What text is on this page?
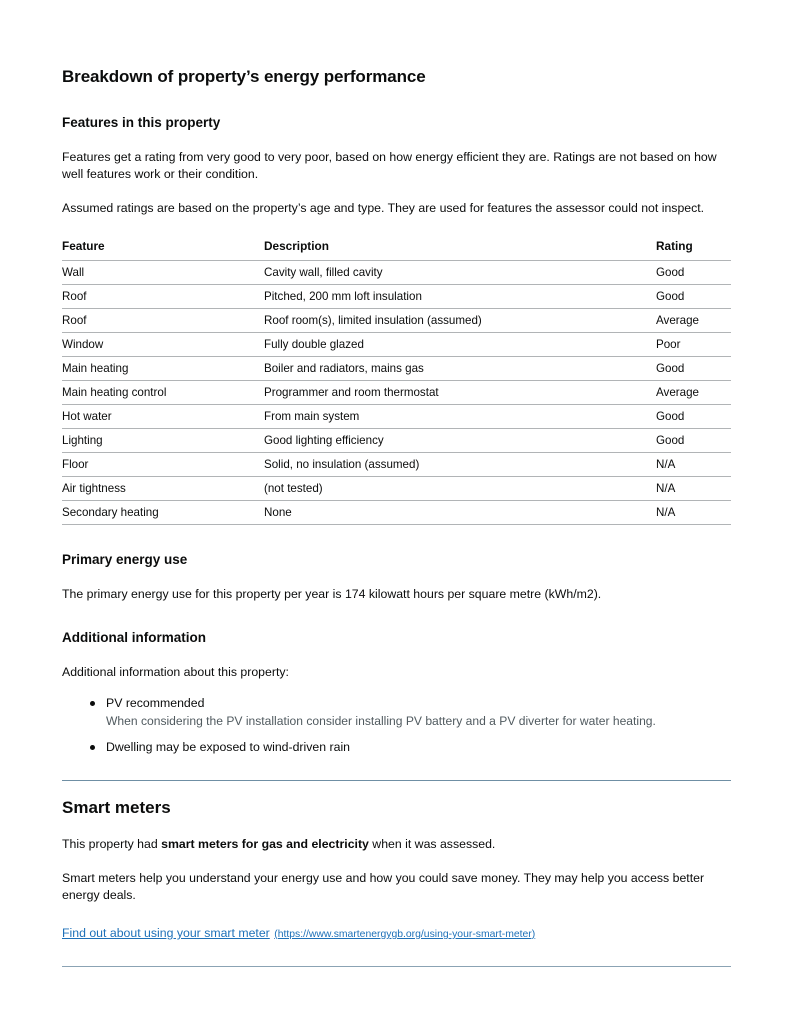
Breakdown of property’s energy performance
Features in this property

Features get a rating from very good to very poor, based on how energy efficient they are. Ratings are not based on how well features work or their condition.

Assumed ratings are based on the property’s age and type. They are used for features the assessor could not inspect.

Feature	Description	Rating
Wall	Cavity wall, filled cavity	Good
Roof	Pitched, 200 mm loft insulation	Good
Roof	Roof room(s), limited insulation (assumed)	Average
Window	Fully double glazed	Poor
Main heating	Boiler and radiators, mains gas	Good
Main heating control	Programmer and room thermostat	Average
Hot water	From main system	Good
Lighting	Good lighting efficiency	Good
Floor	Solid, no insulation (assumed)	N/A
Air tightness	(not tested)	N/A
Secondary heating	None	N/A
Primary energy use

The primary energy use for this property per year is 174 kilowatt hours per square metre (kWh/m2).

Additional information

Additional information about this property:

PV recommended
When considering the PV installation consider installing PV battery and a PV diverter for water heating.
Dwelling may be exposed to wind-driven rain
Smart meters

This property had smart meters for gas and electricity when it was assessed.

Smart meters help you understand your energy use and how you could save money. They may help you access better energy deals.

Find out about using your smart meter (https://www.smartenergygb.org/using-your-smart-meter)
